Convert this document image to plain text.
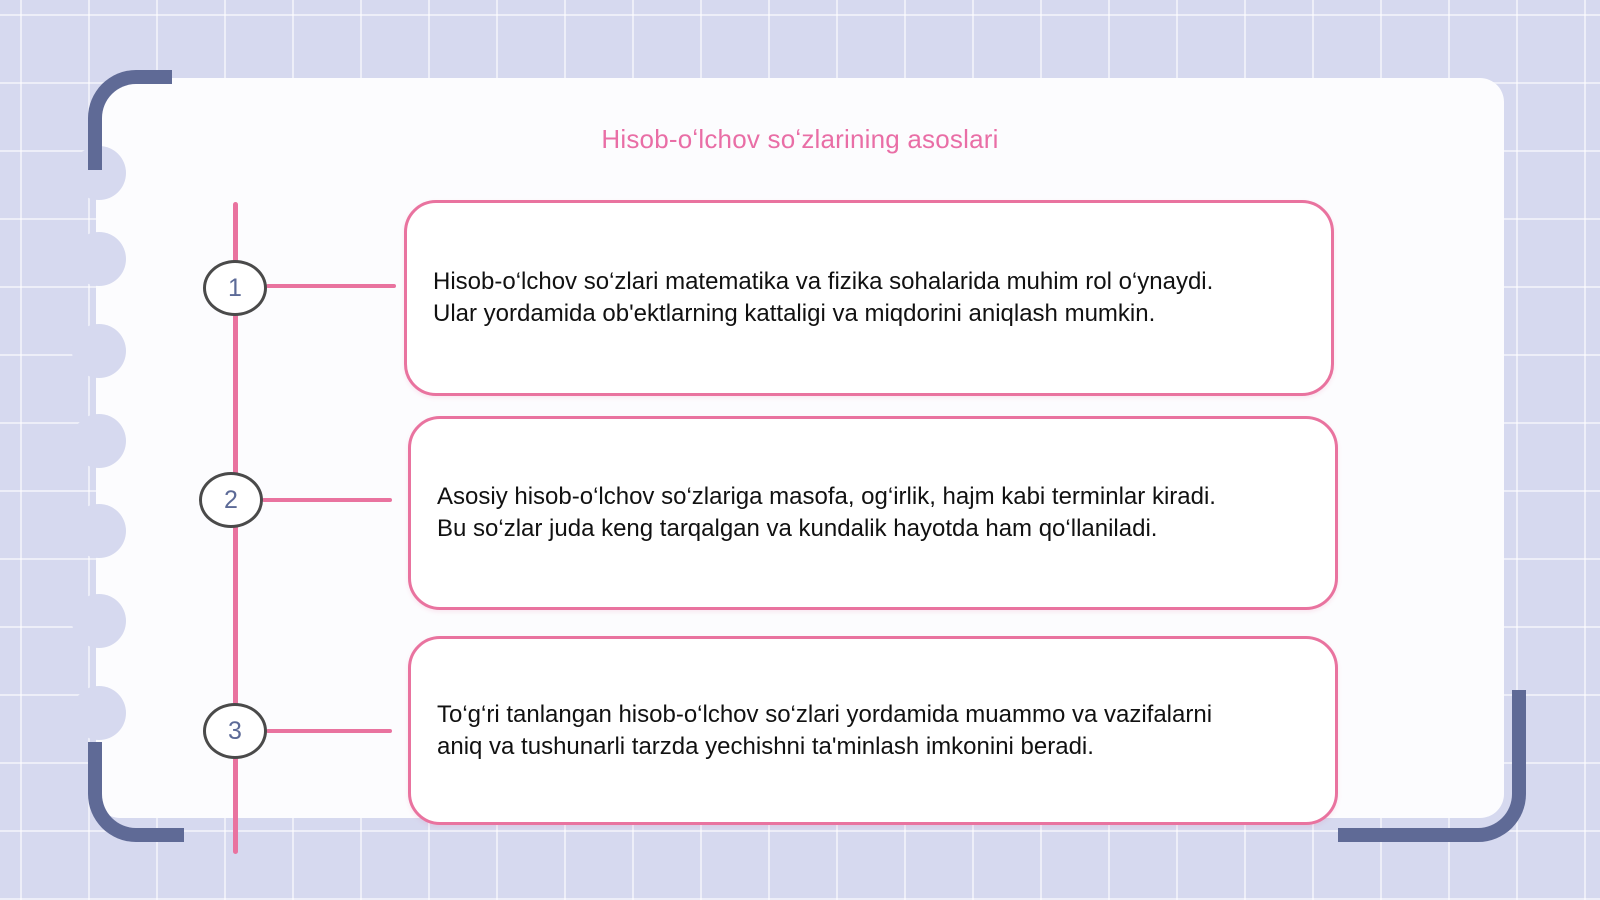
Hisob-oʻlchov soʻzlarining asoslari
1	Hisob-o‘lchov so‘zlari matematika va fizika sohalarida muhim rol o‘ynaydi.
Ular yordamida ob'ektlarning kattaligi va miqdorini aniqlash mumkin.
2	Asosiy hisob-o‘lchov so‘zlariga masofa, og‘irlik, hajm kabi terminlar kiradi.
Bu so‘zlar juda keng tarqalgan va kundalik hayotda ham qo‘llaniladi.
3
To‘g‘ri tanlangan hisob-o‘lchov so‘zlari yordamida muammo va vazifalarni
aniq va tushunarli tarzda yechishni ta'minlash imkonini beradi.
